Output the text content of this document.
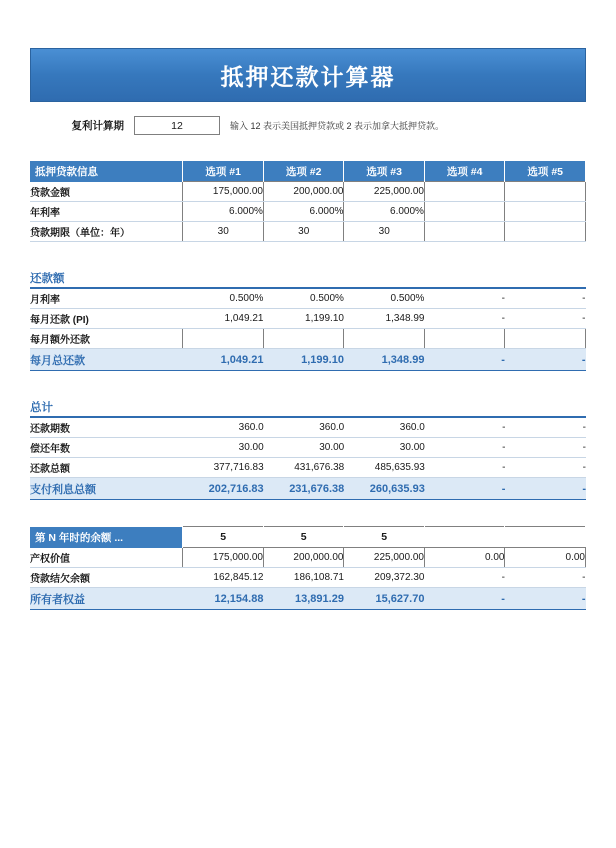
抵押还款计算器
复利计算期	12	输入 12 表示美国抵押贷款或 2 表示加拿大抵押贷款。
抵押贷款信息	选项 #1	选项 #2	选项 #3	选项 #4	选项 #5
贷款金额	175,000.00	200,000.00	225,000.00		
年利率	6.000%	6.000%	6.000%		
贷款期限（单位：年）	30	30	30		
还款额					
月利率	0.500%	0.500%	0.500%	-	-
每月还款 (PI)	1,049.21	1,199.10	1,348.99	-	-
每月额外还款					
每月总还款	1,049.21	1,199.10	1,348.99	-	-
总计					
还款期数	360.0	360.0	360.0	-	-
偿还年数	30.00	30.00	30.00	-	-
还款总额	377,716.83	431,676.38	485,635.93	-	-
支付利息总额	202,716.83	231,676.38	260,635.93	-	-
第 N 年时的余额 ...	5	5	5		
产权价值	175,000.00	200,000.00	225,000.00	0.00	0.00
贷款结欠余额	162,845.12	186,108.71	209,372.30	-	-
所有者权益	12,154.88	13,891.29	15,627.70	-	-
